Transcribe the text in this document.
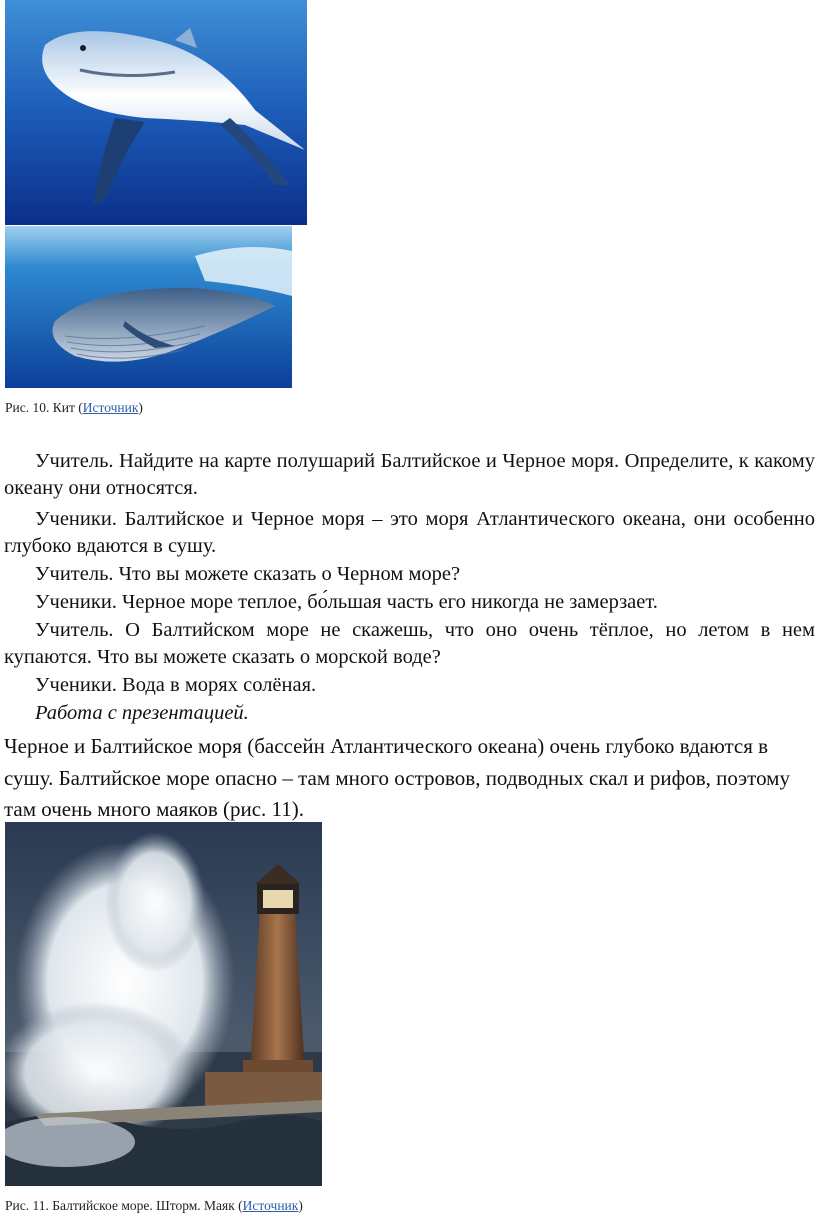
Рис. 10. Кит (Источник)

Учитель. Найдите на карте полушарий Балтийское и Черное моря. Определите, к какому океану они относятся.

Ученики. Балтийское и Черное моря – это моря Атлантического океана, они особенно глубоко вдаются в сушу.

Учитель. Что вы можете сказать о Черном море?

Ученики. Черное море теплое, бо́льшая часть его никогда не замерзает.

Учитель. О Балтийском море не скажешь, что оно очень тёплое, но летом в нем купаются. Что вы можете сказать о морской воде?

Ученики. Вода в морях солёная.

Работа с презентацией.

Черное и Балтийское моря (бассейн Атлантического океана) очень глубоко вдаются в сушу. Балтийское море опасно – там много островов, подводных скал и рифов, поэтому там очень много маяков (рис. 11).

Рис. 11. Балтийское море. Шторм. Маяк (Источник)
